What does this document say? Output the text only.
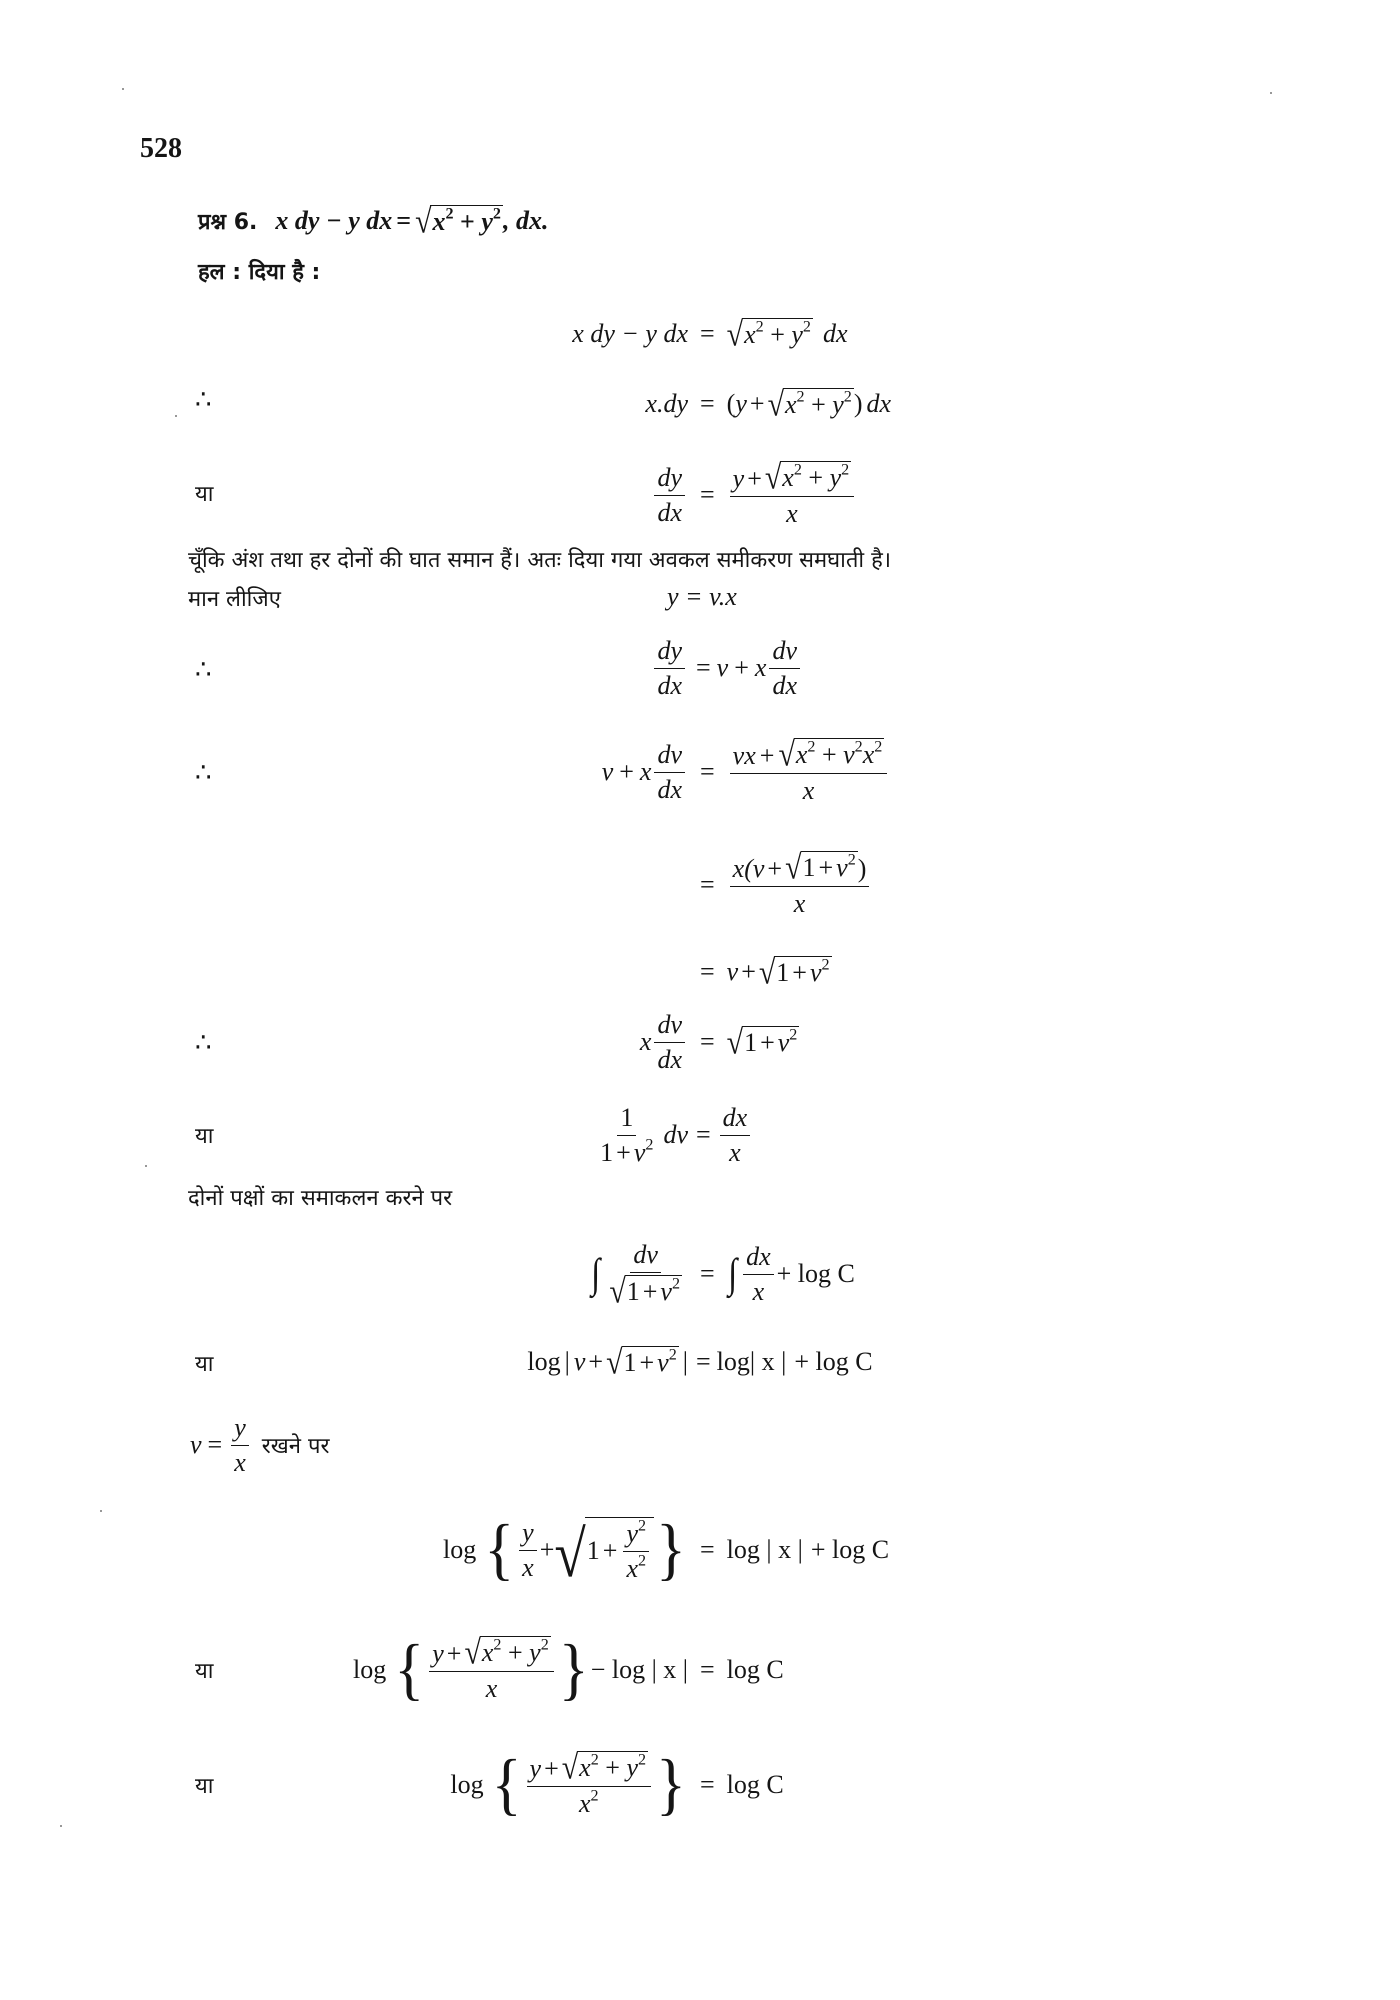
528
प्रश्न 6. x dy − y dx = √ $x^2 + y^2$ , dx.
हल : दिया है :
x dy − y dx = √ $x^2 + y^2$ dx
∴	x.dy = ( y + √ $x^2 + y^2$ ) dx
या	$\frac{dy}{dx} = \frac{y + √ x^2 + y^2}{x}$
चूँकि अंश तथा हर दोनों की घात समान हैं। अतः दिया गया अवकल समीकरण समघाती है।
मान लीजिए	y = v.x
∴	$\frac{dy}{dx} = v + x \frac{dv}{dx}$
∴	v + x $\frac{dv}{dx} = \frac{vx + √ x^2 + v^2x^2}{x}$
= $\frac{x(v + √ 1 + v^2 )}{x}$
= v + √ $1 + v^2$
∴	x $\frac{dv}{dx}$ = √ $1 + v^2$
या	$\frac{1}{1 + v^2}$ dv = $\frac{dx}{x}$
दोनों पक्षों का समाकलन करने पर
∫ $\frac{dv}{√ 1 + v^2}$ = ∫ $\frac{dx}{x} + \log C$
या	log | v + √ $1 + v^2$ | = log| x | + log C
$v = \frac{y}{x}$ रखने पर
log { $\frac{y}{x}$ + √ $1 + \frac{y^2}{x^2}$ } = log | x | + log C
या	log { $\frac{y + √ x^2 + y^2}{x}$ } − log | x | = log C
या	log { $\frac{y + √ x^2 + y^2}{x^2}$ } = log C
